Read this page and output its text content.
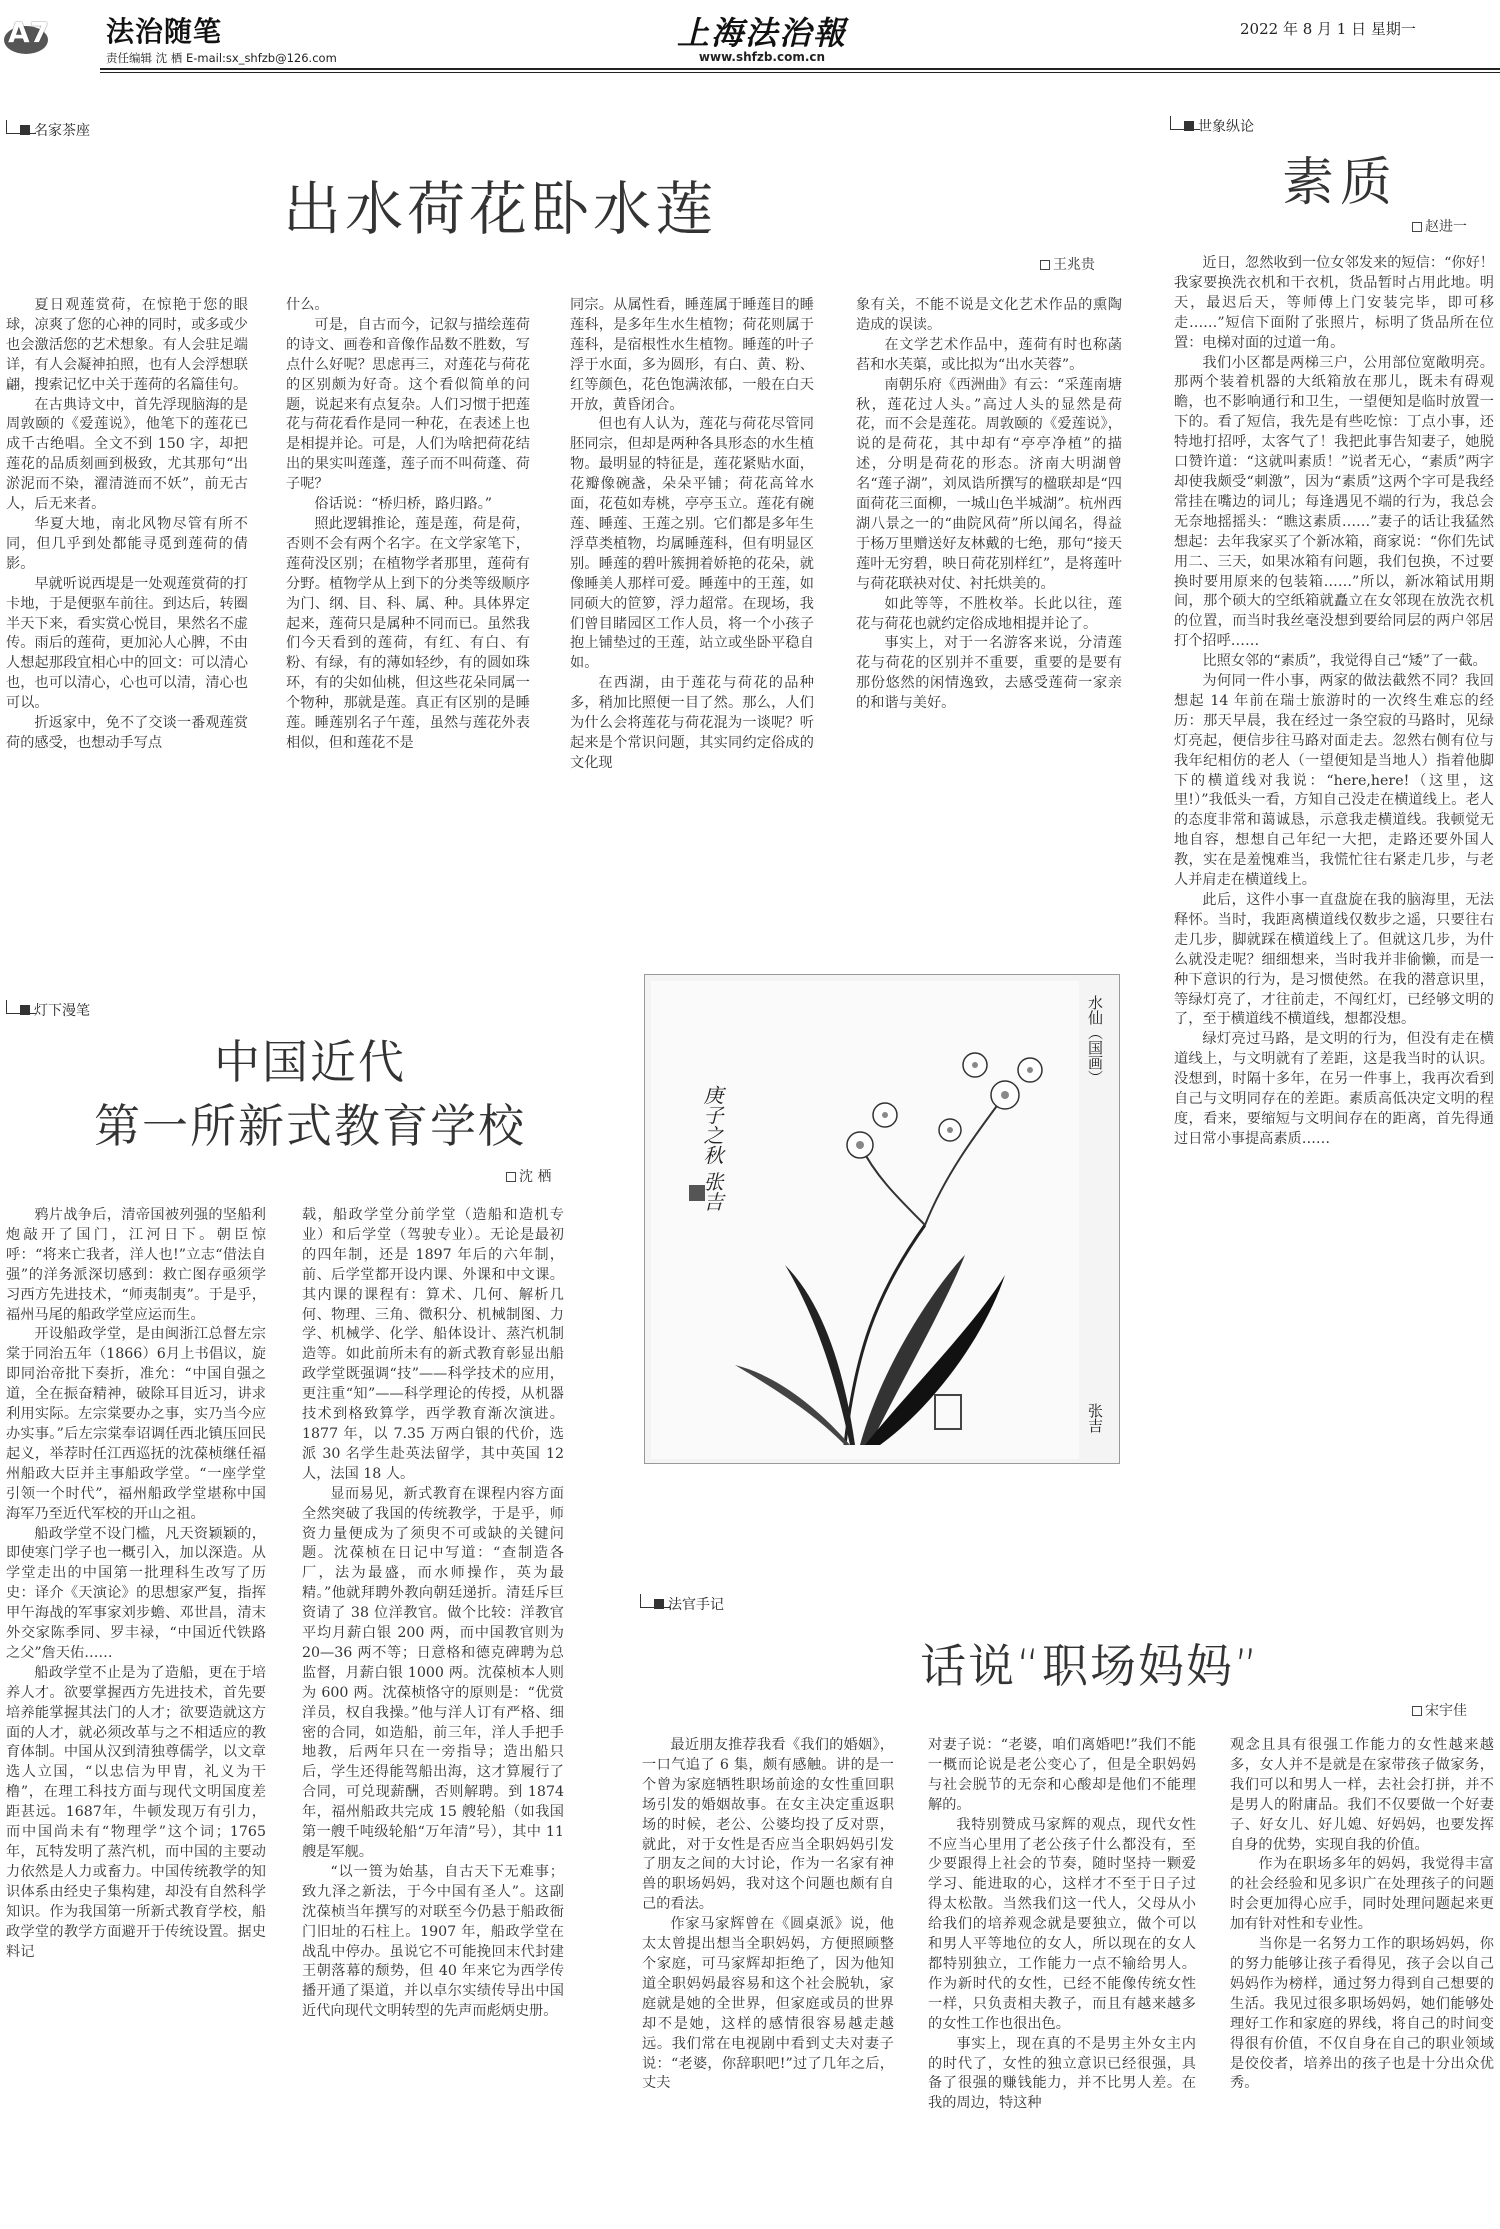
A7 法治随笔
责任编辑 沈 栖 E-mail:sx_shfzb@126.com
上海法治報
www.shfzb.com.cn
2022 年 8 月 1 日 星期一
名家茶座
出水荷花卧水莲
王兆贵

夏日观莲赏荷，在惊艳于您的眼球，凉爽了您的心神的同时，或多或少也会激活您的艺术想象。有人会驻足端详，有人会凝神拍照，也有人会浮想联翩，搜索记忆中关于莲荷的名篇佳句。

在古典诗文中，首先浮现脑海的是周敦颐的《爱莲说》，他笔下的莲花已成千古绝唱。全文不到 150 字，却把莲花的品质刻画到极致，尤其那句“出淤泥而不染，濯清涟而不妖”，前无古人，后无来者。

华夏大地，南北风物尽管有所不同，但几乎到处都能寻觅到莲荷的倩影。

早就听说西堤是一处观莲赏荷的打卡地，于是便驱车前往。到达后，转圈半天下来，看实赏心悦目，果然名不虚传。雨后的莲荷，更加沁人心脾，不由人想起那段宜相心中的回文：可以清心也，也可以清心，心也可以清，清心也可以。

折返家中，免不了交谈一番观莲赏荷的感受，也想动手写点

什么。

可是，自古而今，记叙与描绘莲荷的诗文、画卷和音像作品数不胜数，写点什么好呢？思虑再三，对莲花与荷花的区别颇为好奇。这个看似简单的问题，说起来有点复杂。人们习惯于把莲花与荷花看作是同一种花，在表述上也是相提并论。可是，人们为啥把荷花结出的果实叫莲蓬，莲子而不叫荷蓬、荷子呢？

俗话说：“桥归桥，路归路。”

照此逻辑推论，莲是莲，荷是荷，否则不会有两个名字。在文学家笔下，莲荷没区别；在植物学者那里，莲荷有分野。植物学从上到下的分类等级顺序为门、纲、目、科、属、种。具体界定起来，莲荷只是属种不同而已。虽然我们今天看到的莲荷，有红、有白、有粉、有绿，有的薄如轻纱，有的圆如珠环，有的尖如仙桃，但这些花朵同属一个物种，那就是莲。真正有区别的是睡莲。睡莲别名子午莲，虽然与莲花外表相似，但和莲花不是

同宗。从属性看，睡莲属于睡莲目的睡莲科，是多年生水生植物；荷花则属于莲科，是宿根性水生植物。睡莲的叶子浮于水面，多为圆形，有白、黄、粉、红等颜色，花色饱满浓郁，一般在白天开放，黄昏闭合。

但也有人认为，莲花与荷花尽管同胚同宗，但却是两种各具形态的水生植物。最明显的特征是，莲花紧贴水面，花瓣像碗盏，朵朵平铺；荷花高耸水面，花苞如寿桃，亭亭玉立。莲花有碗莲、睡莲、王莲之别。它们都是多年生浮草类植物，均属睡莲科，但有明显区别。睡莲的碧叶簇拥着娇艳的花朵，就像睡美人那样可爱。睡莲中的王莲，如同硕大的笸箩，浮力超常。在现场，我们曾目睹园区工作人员，将一个小孩子抱上铺垫过的王莲，站立或坐卧平稳自如。

在西湖，由于莲花与荷花的品种多，稍加比照便一目了然。那么，人们为什么会将莲花与荷花混为一谈呢？听起来是个常识问题，其实同约定俗成的文化现

象有关，不能不说是文化艺术作品的熏陶造成的误读。

在文学艺术作品中，莲荷有时也称菡萏和水芙蕖，或比拟为“出水芙蓉”。

南朝乐府《西洲曲》有云：“采莲南塘秋，莲花过人头。”高过人头的显然是荷花，而不会是莲花。周敦颐的《爱莲说》，说的是荷花，其中却有“亭亭净植”的描述，分明是荷花的形态。济南大明湖曾名“莲子湖”，刘凤诰所撰写的楹联却是“四面荷花三面柳，一城山色半城湖”。杭州西湖八景之一的“曲院风荷”所以闻名，得益于杨万里赠送好友林戴的七绝，那句“接天莲叶无穷碧，映日荷花别样红”，是将莲叶与荷花联袂对仗、衬托烘美的。

如此等等，不胜枚举。长此以往，莲花与荷花也就约定俗成地相提并论了。

事实上，对于一名游客来说，分清莲花与荷花的区别并不重要，重要的是要有那份悠然的闲情逸致，去感受莲荷一家亲的和谐与美好。

世象纵论
素质
赵进一

近日，忽然收到一位女邻发来的短信：“你好！我家要换洗衣机和干衣机，货品暂时占用此地。明天，最迟后天，等师傅上门安装完毕，即可移走……”短信下面附了张照片，标明了货品所在位置：电梯对面的过道一角。

我们小区都是两梯三户，公用部位宽敞明亮。那两个装着机器的大纸箱放在那儿，既未有碍观瞻，也不影响通行和卫生，一望便知是临时放置一下的。看了短信，我先是有些吃惊：丁点小事，还特地打招呼，太客气了！我把此事告知妻子，她脱口赞许道：“这就叫素质！”说者无心，“素质”两字却使我颇受“刺激”，因为“素质”这两个字可是我经常挂在嘴边的词儿；每逢遇见不端的行为，我总会无奈地摇摇头：“瞧这素质……”妻子的话让我猛然想起：去年我家买了个新冰箱，商家说：“你们先试用二、三天，如果冰箱有问题，我们包换，不过要换时要用原来的包装箱……”所以，新冰箱试用期间，那个硕大的空纸箱就矗立在女邻现在放洗衣机的位置，而当时我丝毫没想到要给同层的两户邻居打个招呼……

比照女邻的“素质”，我觉得自己“矮”了一截。

为何同一件小事，两家的做法截然不同？我回想起 14 年前在瑞士旅游时的一次终生难忘的经历：那天早晨，我在经过一条空寂的马路时，见绿灯亮起，便信步往马路对面走去。忽然右侧有位与我年纪相仿的老人（一望便知是当地人）指着他脚下的横道线对我说：“here,here!（这里，这里!）”我低头一看，方知自己没走在横道线上。老人的态度非常和蔼诚恳，示意我走横道线。我顿觉无地自容，想想自己年纪一大把，走路还要外国人教，实在是羞愧难当，我慌忙往右紧走几步，与老人并肩走在横道线上。

此后，这件小事一直盘旋在我的脑海里，无法释怀。当时，我距离横道线仅数步之遥，只要往右走几步，脚就踩在横道线上了。但就这几步，为什么就没走呢？细细想来，当时我并非偷懒，而是一种下意识的行为，是习惯使然。在我的潜意识里，等绿灯亮了，才往前走，不闯红灯，已经够文明的了，至于横道线不横道线，想都没想。

绿灯亮过马路，是文明的行为，但没有走在横道线上，与文明就有了差距，这是我当时的认识。没想到，时隔十多年，在另一件事上，我再次看到自己与文明同存在的差距。素质高低决定文明的程度，看来，要缩短与文明间存在的距离，首先得通过日常小事提高素质……

灯下漫笔
中国近代
第一所新式教育学校
沈 栖

鸦片战争后，清帝国被列强的坚船利炮敲开了国门，江河日下。朝臣惊呼：“将来亡我者，洋人也!”立志“借法自强”的洋务派深切感到：救亡图存亟须学习西方先进技术，“师夷制夷”。于是乎，福州马尾的船政学堂应运而生。

开设船政学堂，是由闽浙江总督左宗棠于同治五年（1866）6月上书倡议，旋即同治帝批下奏折，准允：“中国自强之道，全在振奋精神，破除耳目近习，讲求利用实际。左宗棠要办之事，实乃当今应办实事。”后左宗棠奉诏调任西北镇压回民起义，举荐时任江西巡抚的沈葆桢继任福州船政大臣并主事船政学堂。“一座学堂引领一个时代”，福州船政学堂堪称中国海军乃至近代军校的开山之祖。

船政学堂不设门槛，凡天资颖颖的，即使寒门学子也一概引入，加以深造。从学堂走出的中国第一批理科生改写了历史：译介《天演论》的思想家严复，指挥甲午海战的军事家刘步蟾、邓世昌，清末外交家陈季同、罗丰禄，“中国近代铁路之父”詹天佑……

船政学堂不止是为了造船，更在于培养人才。欲要掌握西方先进技术，首先要培养能掌握其法门的人才；欲要造就这方面的人才，就必须改革与之不相适应的教育体制。中国从汉到清独尊儒学，以文章选人立国，“以忠信为甲胄，礼义为干橹”，在理工科技方面与现代文明国度差距甚远。1687年，牛顿发现万有引力，而中国尚未有“物理学”这个词；1765年，瓦特发明了蒸汽机，而中国的主要动力依然是人力或畜力。中国传统教学的知识体系由经史子集构建，却没有自然科学知识。作为我国第一所新式教育学校，船政学堂的教学方面避开于传统设置。据史料记

载，船政学堂分前学堂（造船和造机专业）和后学堂（驾驶专业）。无论是最初的四年制，还是 1897 年后的六年制，前、后学堂都开设内课、外课和中文课。其内课的课程有：算术、几何、解析几何、物理、三角、微积分、机械制图、力学、机械学、化学、船体设计、蒸汽机制造等。如此前所未有的新式教育彰显出船政学堂既强调“技”——科学技术的应用，更注重“知”——科学理论的传授，从机器技术到格致算学，西学教育渐次演进。1877 年，以 7.35 万两白银的代价，选派 30 名学生赴英法留学，其中英国 12 人，法国 18 人。

显而易见，新式教育在课程内容方面全然突破了我国的传统教学，于是乎，师资力量便成为了须臾不可或缺的关键问题。沈葆桢在日记中写道：“查制造各厂，法为最盛，而水师操作，英为最精。”他就拜聘外教向朝廷递折。清廷斥巨资请了 38 位洋教官。做个比较：洋教官平均月薪白银 200 两，而中国教官则为 20—36 两不等；日意格和德克碑聘为总监督，月薪白银 1000 两。沈葆桢本人则为 600 两。沈葆桢恪守的原则是：“优赏洋员，权自我操。”他与洋人订有严格、细密的合同，如造船，前三年，洋人手把手地教，后两年只在一旁指导；造出船只后，学生还得能驾船出海，这才算履行了合同，可兑现薪酬，否则解聘。到 1874 年，福州船政共完成 15 艘轮船（如我国第一艘千吨级轮船“万年清”号），其中 11 艘是军舰。

“以一篑为始基，自古天下无难事；致九泽之新法，于今中国有圣人”。这副沈葆桢当年撰写的对联至今仍悬于船政衙门旧址的石柱上。1907 年，船政学堂在战乱中停办。虽说它不可能挽回末代封建王朝落幕的颓势，但 40 年来它为西学传播开通了渠道，并以卓尔实绩传导出中国近代向现代文明转型的先声而彪炳史册。

庚子之秋 张吉
水仙（国画）
张吉
法官手记
话说“职场妈妈”
宋宇佳

最近朋友推荐我看《我们的婚姻》，一口气追了 6 集，颇有感触。讲的是一个曾为家庭牺牲职场前途的女性重回职场引发的婚姻故事。在女主决定重返职场的时候，老公、公婆均投了反对票，就此，对于女性是否应当全职妈妈引发了朋友之间的大讨论，作为一名家有神兽的职场妈妈，我对这个问题也颇有自己的看法。

作家马家辉曾在《圆桌派》说，他太太曾提出想当全职妈妈，方便照顾整个家庭，可马家辉却拒绝了，因为他知道全职妈妈最容易和这个社会脱轨，家庭就是她的全世界，但家庭或员的世界却不是她，这样的感情很容易越走越远。我们常在电视剧中看到丈夫对妻子说：“老婆，你辞职吧!”过了几年之后，丈夫

对妻子说：“老婆，咱们离婚吧!”我们不能一概而论说是老公变心了，但是全职妈妈与社会脱节的无奈和心酸却是他们不能理解的。

我特别赞成马家辉的观点，现代女性不应当心里用了老公孩子什么都没有，至少要跟得上社会的节奏，随时坚持一颗爱学习、能进取的心，这样才不至于日子过得太松散。当然我们这一代人，父母从小给我们的培养观念就是要独立，做个可以和男人平等地位的女人，所以现在的女人都特别独立，工作能力一点不输给男人。作为新时代的女性，已经不能像传统女性一样，只负责相夫教子，而且有越来越多的女性工作也很出色。

事实上，现在真的不是男主外女主内的时代了，女性的独立意识已经很强，具备了很强的赚钱能力，并不比男人差。在我的周边，特这种

观念且具有很强工作能力的女性越来越多，女人并不是就是在家带孩子做家务，我们可以和男人一样，去社会打拼，并不是男人的附庸品。我们不仅要做一个好妻子、好女儿、好儿媳、好妈妈，也要发挥自身的优势，实现自我的价值。

作为在职场多年的妈妈，我觉得丰富的社会经验和见多识广在处理孩子的问题时会更加得心应手，同时处理问题起来更加有针对性和专业性。

当你是一名努力工作的职场妈妈，你的努力能够让孩子看得见，孩子会以自己妈妈作为榜样，通过努力得到自己想要的生活。我见过很多职场妈妈，她们能够处理好工作和家庭的界线，将自己的时间变得很有价值，不仅自身在自己的职业领域是佼佼者，培养出的孩子也是十分出众优秀。
